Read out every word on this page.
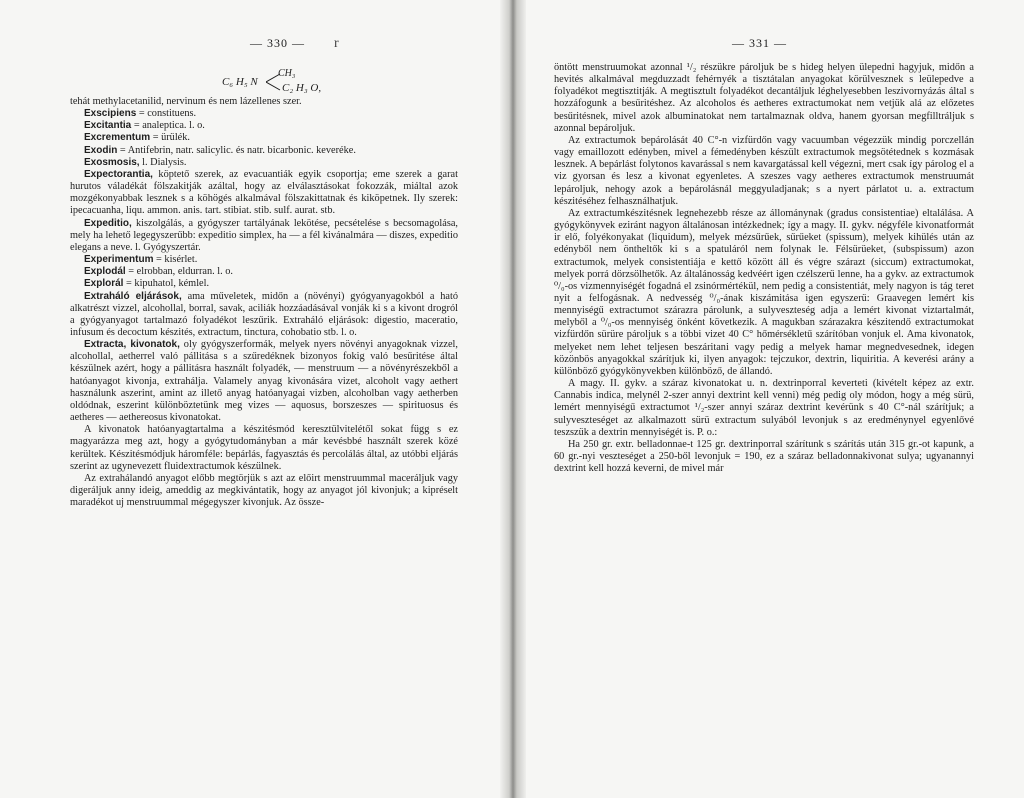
— 330 — r
C₆ H₅ N
CH₃
C₂ H₃ O,

tehát methylacetanilid, nervinum és nem lázellenes szer.

Exscipiens = constituens.

Excitantia = analeptica. l. o.

Excrementum = ürülék.

Exodin = Antifebrin, natr. salicylic. és natr. bicarbonic. keveréke.

Exosmosis, l. Dialysis.

Expectorantia, köptető szerek, az evacuantiák egyik csoportja; eme szerek a garat hurutos váladékát fölszakitják azáltal, hogy az elválasztásokat fokozzák, miáltal azok mozgékonyabbak lesznek s a köhögés alkalmával fölszakittatnak és kiköpetnek. Ily szerek: ipecacuanha, liqu. ammon. anis. tart. stibiat. stib. sulf. aurat. stb.

Expeditio, kiszolgálás, a gyógyszer tartályának lekötése, pecsételése s becsomagolása, mely ha lehető legegyszerűbb: expeditio simplex, ha — a fél kivánalmára — diszes, expeditio elegans a neve. l. Gyógyszertár.

Experimentum = kisérlet.

Explodál = elrobban, eldurran. l. o.

Explorál = kipuhatol, kémlel.

Extraháló eljárások, ama műveletek, midőn a (növényi) gyógyanyagokból a ható alkatrészt vizzel, alcohollal, borral, savak, aciliák hozzáadásával vonják ki s a kivont drogról a gyógyanyagot tartalmazó folyadékot leszűrik. Extraháló eljárások: digestio, maceratio, infusum és decoctum készités, extractum, tinctura, cohobatio stb. l. o.

Extracta, kivonatok, oly gyógyszerformák, melyek nyers növényi anyagoknak vizzel, alcohollal, aetherrel való pállitása s a szűredéknek bizonyos fokig való besűritése által készülnek azért, hogy a pállitásra használt folyadék, — menstruum — a növényrészekből a hatóanyagot kivonja, extrahálja. Valamely anyag kivonására vizet, alcoholt vagy aethert használunk aszerint, amint az illető anyag hatóanyagai vizben, alcoholban vagy aetherben oldódnak, eszerint különböztetünk meg vizes — aquosus, borszeszes — spirituosus és aetheres — aethereosus kivonatokat.

A kivonatok hatóanyagtartalma a készitésmód keresztülvitelétől sokat függ s ez magyarázza meg azt, hogy a gyógytudományban a már kevésbbé használt szerek közé kerültek. Készitésmódjuk háromféle: bepárlás, fagyasztás és percolálás által, az utóbbi eljárás szerint az ugynevezett fluidextractumok készülnek.

Az extrahálandó anyagot előbb megtörjük s azt az előirt menstruummal maceráljuk vagy digeráljuk anny ideig, ameddig az megkivántatik, hogy az anyagot jól kivonjuk; a kipréselt maradékot uj menstruummal mégegyszer kivonjuk. Az össze-

— 331 —

öntött menstruumokat azonnal ¹/₂ részükre pároljuk be s hideg helyen ülepedni hagyjuk, midőn a hevités alkalmával megduzzadt fehérnyék a tisztátalan anyagokat körülvesznek s leülepedve a folyadékot megtisztitják. A megtisztult folyadékot decantáljuk léghelyesebben leszivornyázás által s hozzáfogunk a besűritéshez. Az alcoholos és aetheres extractumokat nem vetjük alá az előzetes besűritésnek, mivel azok albuminatokat nem tartalmaznak oldva, hanem gyorsan megfilltráljuk s azonnal bepároljuk.

Az extractumok bepárolását 40 C°-n vizfürdőn vagy vacuumban végezzük mindig porczellán vagy emaillozott edényben, mivel a fémedényben készült extractumok megsötétednek s kozmásak lesznek. A bepárlást folytonos kavarással s nem kavargatással kell végezni, mert csak így párolog el a viz gyorsan és lesz a kivonat egyenletes. A szeszes vagy aetheres extractumok menstruumát lepároljuk, nehogy azok a bepárolásnál meggyuladjanak; s a nyert párlatot u. a. extractum készitéséhez felhasználhatjuk.

Az extractumkészitésnek legnehezebb része az állománynak (gradus consistentiae) eltalálása. A gyógykönyvek eziránt nagyon általánosan intézkednek; így a magy. II. gykv. négyféle kivonatformát ir elő, folyékonyakat (liquidum), melyek mézsűrűek, sűrűeket (spissum), melyek kihülés után az edényből nem öntheltők ki s a spatuláról nem folynak le. Félsürüeket, (subspissum) azon extractumok, melyek consistentiája e kettő között áll és végre szárazt (siccum) extractumokat, melyek porrá dörzsölhetők. Az általánosság kedvéért igen czélszerü lenne, ha a gykv. az extractumok ⁰/₀-os vizmennyiségét fogadná el zsinórmértékül, nem pedig a consistentiát, mely nagyon is tág teret nyit a felfogásnak. A nedvesség ⁰/₀-ának kiszámitása igen egyszerü: Graavegen lemért kis mennyiségű extractumot szárazra párolunk, a sulyveszteség adja a lemért kivonat viztartalmát, melyből a ⁰/₀-os mennyiség önként következik. A magukban szárazakra készitendő extractumokat vizfürdőn sürüre pároljuk s a többi vizet 40 C° hőmérsékletű szárítóban vonjuk el. Ama kivonatok, melyeket nem lehet teljesen beszáritani vagy pedig a melyek hamar megnedvesednek, idegen közönbös anyagokkal szárítjuk ki, ilyen anyagok: tejczukor, dextrin, liquiritia. A keverési arány a különböző gyógykönyvekben különböző, de állandó.

A magy. II. gykv. a száraz kivonatokat u. n. dextrinporral keverteti (kivételt képez az extr. Cannabis indica, melynél 2-szer annyi dextrint kell venni) még pedig oly módon, hogy a még sürü, lemért mennyiségű extractumot ¹/₂-szer annyi száraz dextrint kevérünk s 40 C°-nál szárítjuk; a sulyveszteséget az alkalmazott sürü extractum sulyából levonjuk s az eredménynyel egyenlővé teszszük a dextrin mennyiségét is. P. o.:

Ha 250 gr. extr. belladonnae-t 125 gr. dextrinporral szárítunk s szárítás után 315 gr.-ot kapunk, a 60 gr.-nyi veszteséget a 250-ből levonjuk = 190, ez a száraz belladonnakivonat sulya; ugyanannyi dextrint kell hozzá keverni, de mivel már
